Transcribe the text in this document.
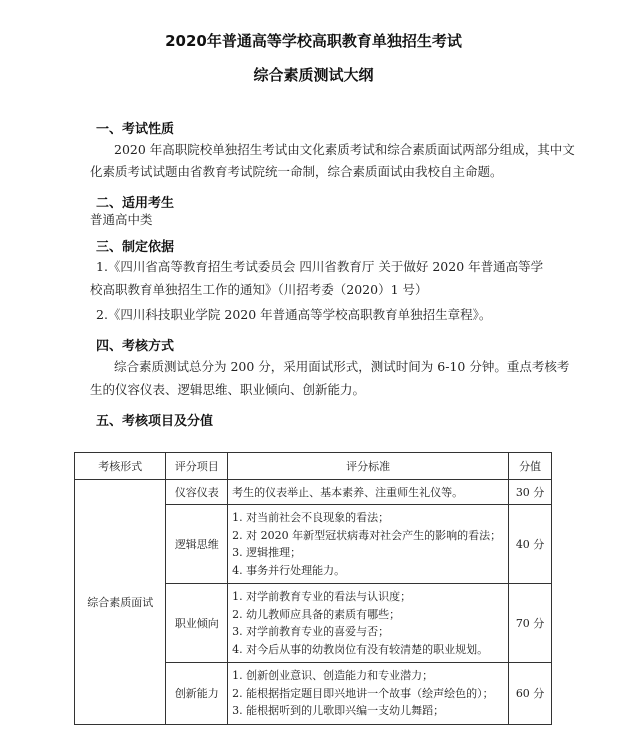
2020年普通高等学校高职教育单独招生考试
综合素质测试大纲
一、考试性质
2020 年高职院校单独招生考试由文化素质考试和综合素质面试两部分组成，其中文
化素质考试试题由省教育考试院统一命制，综合素质面试由我校自主命题。
二、适用考生
普通高中类
三、制定依据
1.《四川省高等教育招生考试委员会 四川省教育厅 关于做好 2020 年普通高等学
校高职教育单独招生工作的通知》（川招考委（2020）1 号）
2.《四川科技职业学院 2020 年普通高等学校高职教育单独招生章程》。
四、考核方式
综合素质测试总分为 200 分，采用面试形式，测试时间为 6-10 分钟。重点考核考
生的仪容仪表、逻辑思维、职业倾向、创新能力。
五、考核项目及分值
考核形式	评分项目	评分标准	分值
综合素质面试	仪容仪表	考生的仪表举止、基本素养、注重师生礼仪等。	30 分
	逻辑思维	1. 对当前社会不良现象的看法；
2. 对 2020 年新型冠状病毒对社会产生的影响的看法；
3. 逻辑推理；
4. 事务并行处理能力。	40 分
	职业倾向	1. 对学前教育专业的看法与认识度；
2. 幼儿教师应具备的素质有哪些；
3. 对学前教育专业的喜爱与否；
4. 对今后从事的幼教岗位有没有较清楚的职业规划。	70 分
	创新能力	1. 创新创业意识、创造能力和专业潜力；
2. 能根据指定题目即兴地讲一个故事（绘声绘色的）；
3. 能根据听到的儿歌即兴编一支幼儿舞蹈；	60 分
